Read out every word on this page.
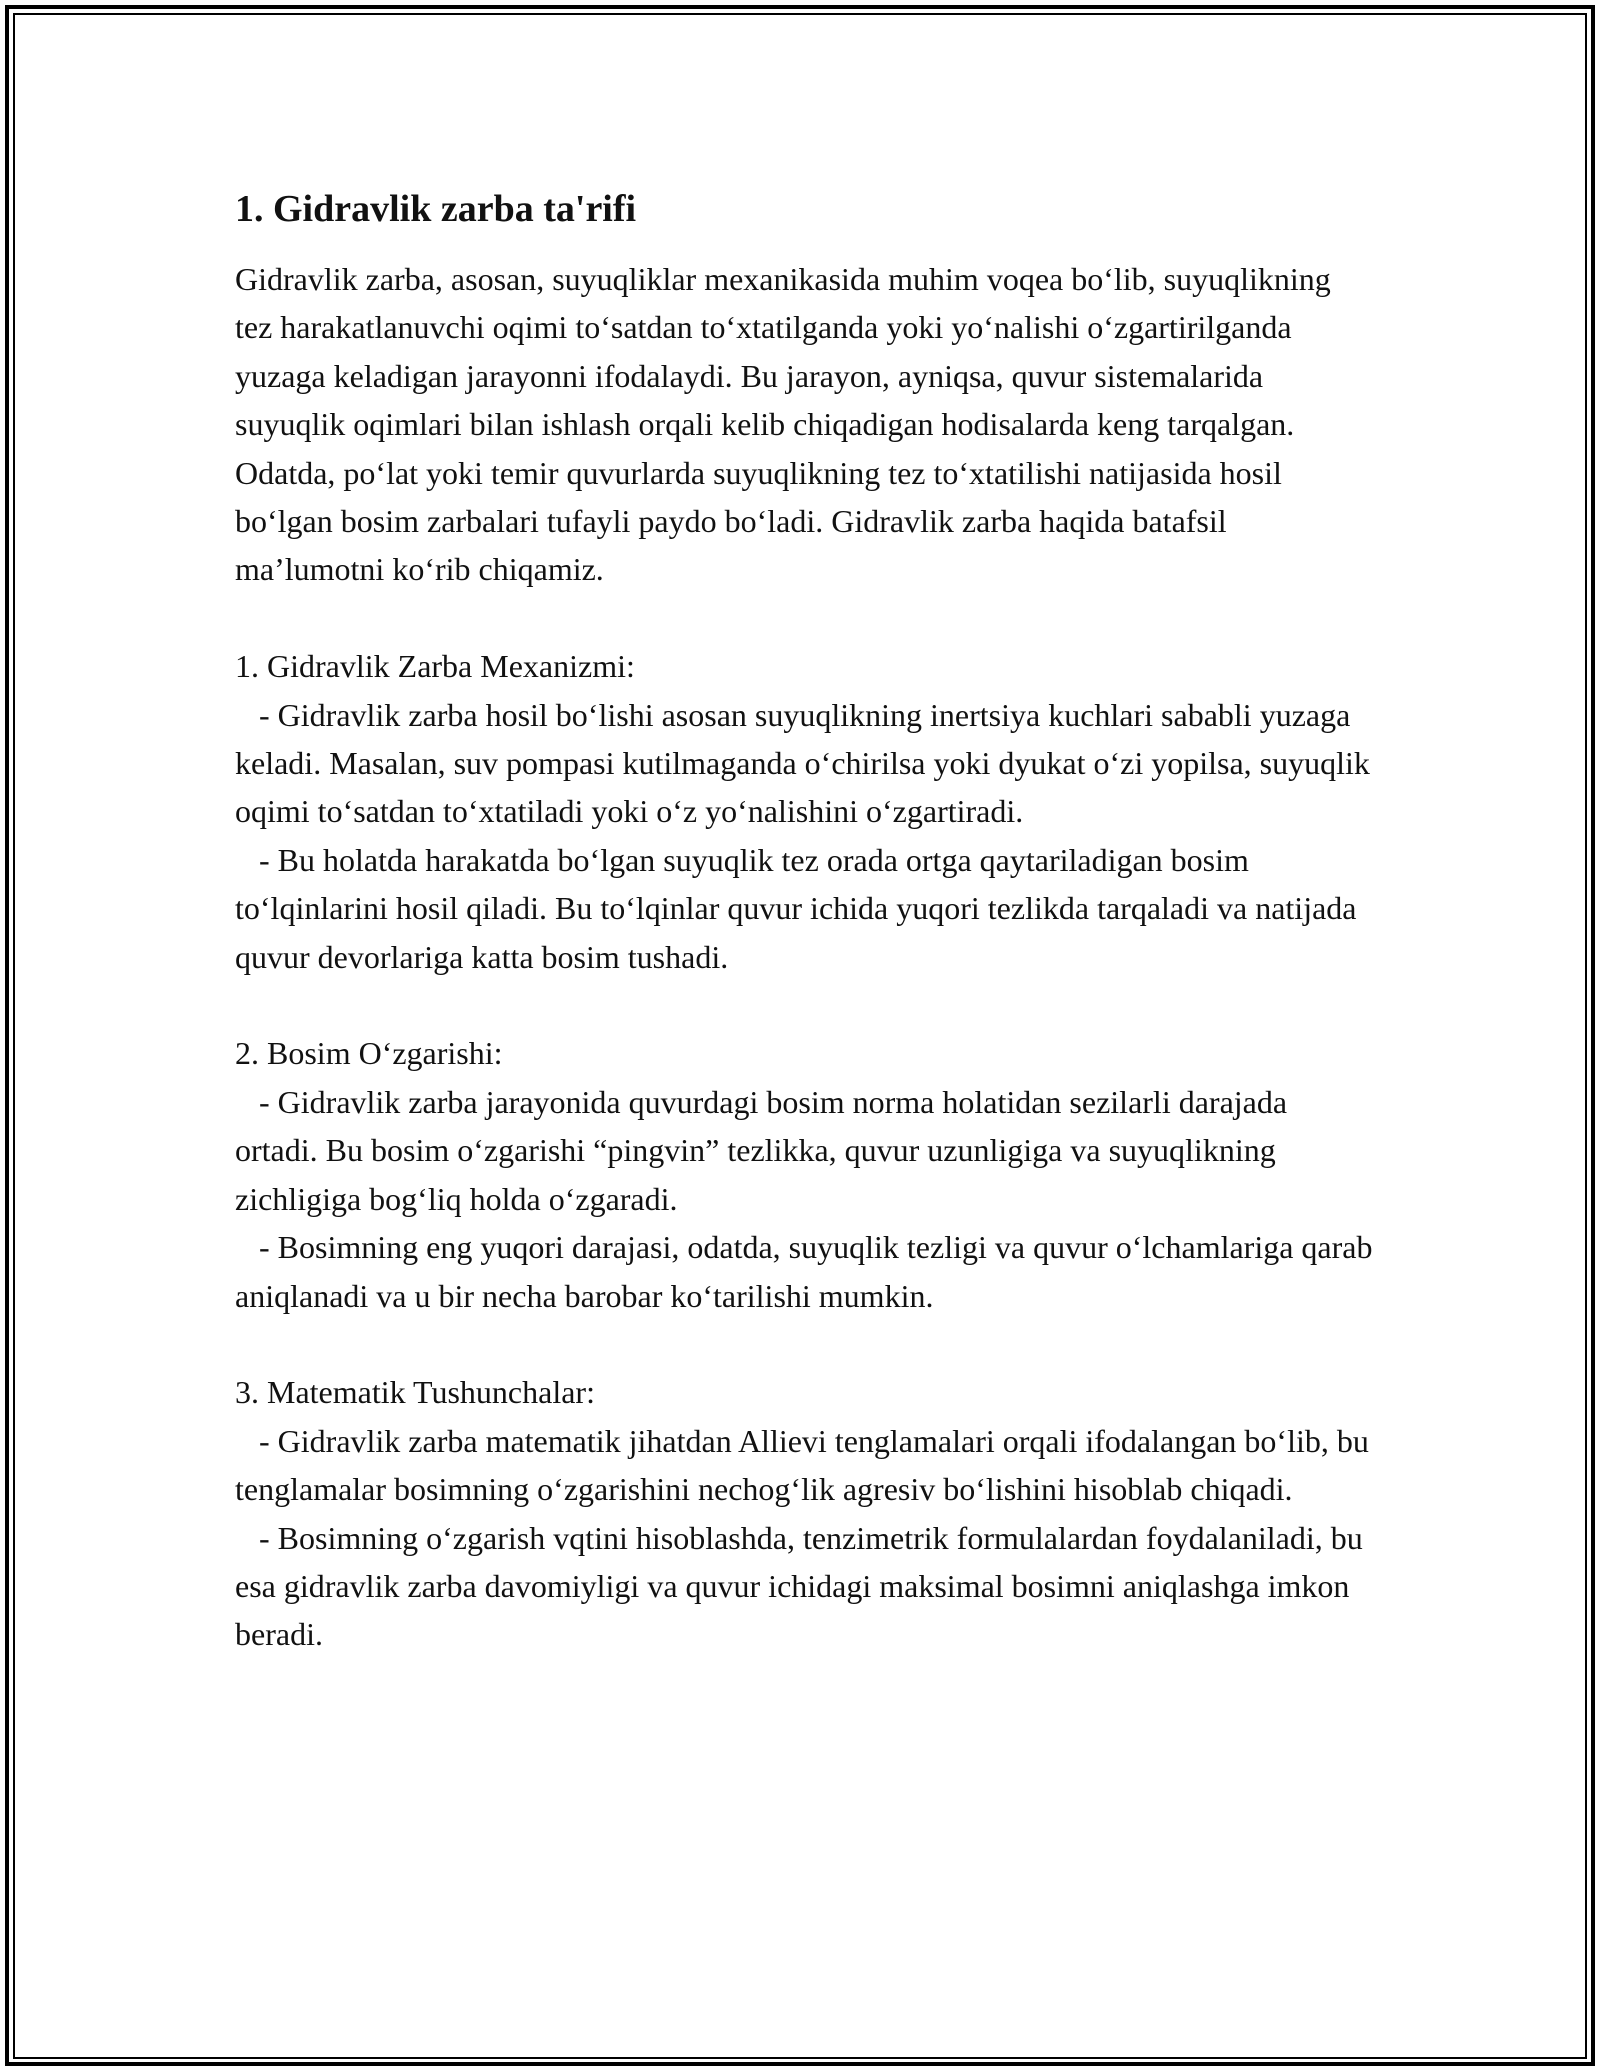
1. Gidravlik zarba ta'rifi

Gidravlik zarba, asosan, suyuqliklar mexanikasida muhim voqea bo‘lib, suyuqlikning tez harakatlanuvchi oqimi to‘satdan to‘xtatilganda yoki yo‘nalishi o‘zgartirilganda yuzaga keladigan jarayonni ifodalaydi. Bu jarayon, ayniqsa, quvur sistemalarida suyuqlik oqimlari bilan ishlash orqali kelib chiqadigan hodisalarda keng tarqalgan. Odatda, po‘lat yoki temir quvurlarda suyuqlikning tez to‘xtatilishi natijasida hosil bo‘lgan bosim zarbalari tufayli paydo bo‘ladi. Gidravlik zarba haqida batafsil ma’lumotni ko‘rib chiqamiz.

1. Gidravlik Zarba Mexanizmi:

- Gidravlik zarba hosil bo‘lishi asosan suyuqlikning inertsiya kuchlari sababli yuzaga keladi. Masalan, suv pompasi kutilmaganda o‘chirilsa yoki dyukat o‘zi yopilsa, suyuqlik oqimi to‘satdan to‘xtatiladi yoki o‘z yo‘nalishini o‘zgartiradi.

- Bu holatda harakatda bo‘lgan suyuqlik tez orada ortga qaytariladigan bosim to‘lqinlarini hosil qiladi. Bu to‘lqinlar quvur ichida yuqori tezlikda tarqaladi va natijada quvur devorlariga katta bosim tushadi.

2. Bosim O‘zgarishi:

- Gidravlik zarba jarayonida quvurdagi bosim norma holatidan sezilarli darajada ortadi. Bu bosim o‘zgarishi “pingvin” tezlikka, quvur uzunligiga va suyuqlikning zichligiga bog‘liq holda o‘zgaradi.

- Bosimning eng yuqori darajasi, odatda, suyuqlik tezligi va quvur o‘lchamlariga qarab aniqlanadi va u bir necha barobar ko‘tarilishi mumkin.

3. Matematik Tushunchalar:

- Gidravlik zarba matematik jihatdan Allievi tenglamalari orqali ifodalangan bo‘lib, bu tenglamalar bosimning o‘zgarishini nechog‘lik agresiv bo‘lishini hisoblab chiqadi.

- Bosimning o‘zgarish vqtini hisoblashda, tenzimetrik formulalardan foydalaniladi, bu esa gidravlik zarba davomiyligi va quvur ichidagi maksimal bosimni aniqlashga imkon beradi.
